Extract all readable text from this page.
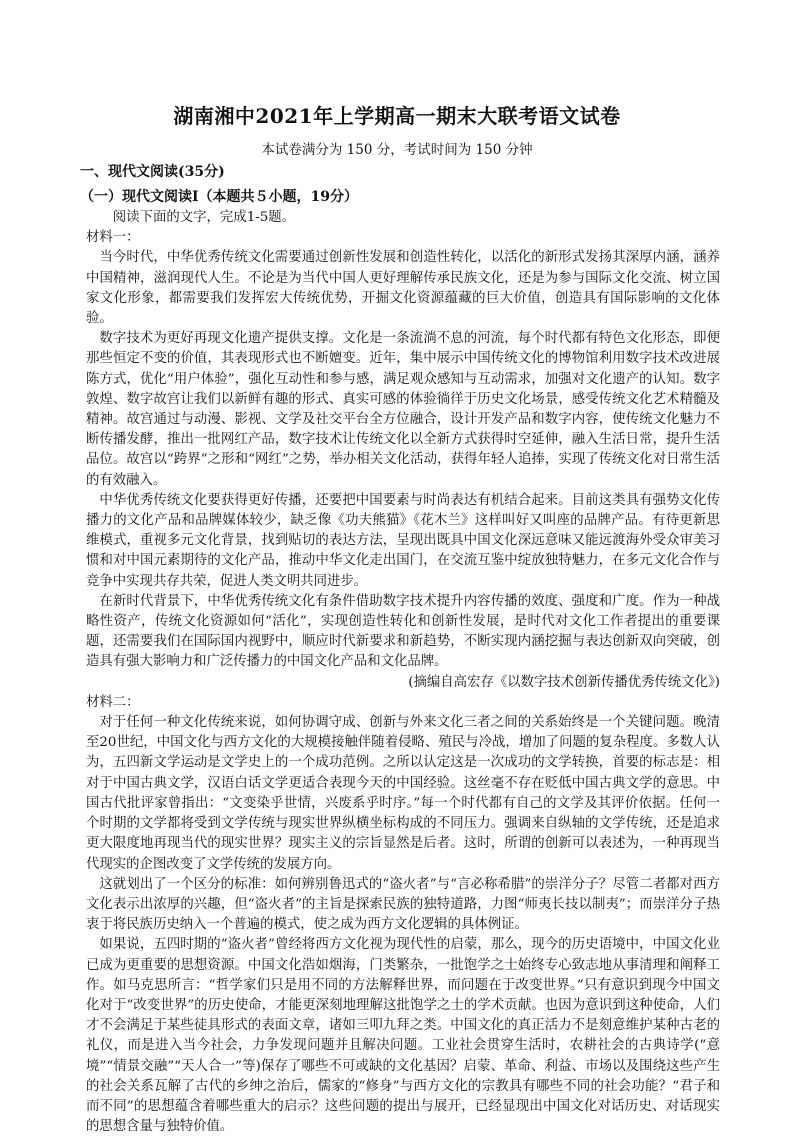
湖南湘中2021年上学期高一期末大联考语文试卷
本试卷满分为 150 分，考试时间为 150 分钟
一、现代文阅读(35分)
（一）现代文阅读Ⅰ（本题共５小题，19分）

阅读下面的文字，完成1-5题。

材料一：

当今时代，中华优秀传统文化需要通过创新性发展和创造性转化，以活化的新形式发扬其深厚内涵，涵养中国精神，滋润现代人生。不论是为当代中国人更好理解传承民族文化，还是为参与国际文化交流、树立国家文化形象，都需要我们发挥宏大传统优势，开掘文化资源蕴藏的巨大价值，创造具有国际影响的文化体验。

数字技术为更好再现文化遗产提供支撑。文化是一条流淌不息的河流，每个时代都有特色文化形态，即便那些恒定不变的价值，其表现形式也不断嬗变。近年，集中展示中国传统文化的博物馆利用数字技术改进展陈方式，优化“用户体验”，强化互动性和参与感，满足观众感知与互动需求，加强对文化遗产的认知。数字敦煌、数字故宫让我们以新鲜有趣的形式、真实可感的体验徜徉于历史文化场景，感受传统文化艺术精髓及精神。故宫通过与动漫、影视、文学及社交平台全方位融合，设计开发产品和数字内容，使传统文化魅力不断传播发酵，推出一批网红产品，数字技术让传统文化以全新方式获得时空延伸，融入生活日常，提升生活品位。故宫以“跨界”之形和“网红”之势，举办相关文化活动，获得年轻人追捧，实现了传统文化对日常生活的有效融入。

中华优秀传统文化要获得更好传播，还要把中国要素与时尚表达有机结合起来。目前这类具有强势文化传播力的文化产品和品牌媒体较少，缺乏像《功夫熊猫》《花木兰》这样叫好又叫座的品牌产品。有待更新思维模式，重视多元文化背景，找到贴切的表达方法，呈现出既具中国文化深远意味又能远渡海外受众审美习惯和对中国元素期待的文化产品，推动中华文化走出国门，在交流互鉴中绽放独特魅力，在多元文化合作与竞争中实现共存共荣，促进人类文明共同进步。

在新时代背景下，中华优秀传统文化有条件借助数字技术提升内容传播的效度、强度和广度。作为一种战略性资产，传统文化资源如何“活化”，实现创造性转化和创新性发展，是时代对文化工作者提出的重要课题，还需要我们在国际国内视野中，顺应时代新要求和新趋势，不断实现内涵挖掘与表达创新双向突破，创造具有强大影响力和广泛传播力的中国文化产品和文化品牌。

(摘编自高宏存《以数字技术创新传播优秀传统文化》)

材料二：

对于任何一种文化传统来说，如何协调守成、创新与外来文化三者之间的关系始终是一个关键问题。晚清至20世纪，中国文化与西方文化的大规模接触伴随着侵略、殖民与冷战，增加了问题的复杂程度。多数人认为，五四新文学运动是文学史上的一个成功范例。之所以认定这是一次成功的文学转换，首要的标志是：相对于中国古典文学，汉语白话文学更适合表现今天的中国经验。这丝毫不存在贬低中国古典文学的意思。中国古代批评家曾指出：“文变染乎世情，兴废系乎时序。”每一个时代都有自己的文学及其评价依据。任何一个时期的文学都将受到文学传统与现实世界纵横坐标构成的不同压力。强调来自纵轴的文学传统，还是追求更大限度地再现当代的现实世界？现实主义的宗旨显然是后者。这时，所谓的创新可以表述为，一种再现当代现实的企图改变了文学传统的发展方向。

这就划出了一个区分的标准：如何辨别鲁迅式的“盗火者”与“言必称希腊”的崇洋分子？尽管二者都对西方文化表示出浓厚的兴趣，但“盗火者”的主旨是探索民族的独特道路，力图“师夷长技以制夷”；而崇洋分子热衷于将民族历史纳入一个普遍的模式，使之成为西方文化逻辑的具体例证。

如果说，五四时期的“盗火者”曾经将西方文化视为现代性的启蒙，那么，现今的历史语境中，中国文化业已成为更重要的思想资源。中国文化浩如烟海，门类繁杂，一批饱学之士始终专心致志地从事清理和阐释工作。如马克思所言：“哲学家们只是用不同的方法解释世界，而问题在于改变世界。”只有意识到现今中国文化对于“改变世界”的历史使命，才能更深刻地理解这批饱学之士的学术贡献。也因为意识到这种使命，人们才不会满足于某些徒具形式的表面文章，诸如三叩九拜之类。中国文化的真正活力不是刻意维护某种古老的礼仪，而是进入当今社会，力争发现问题并且解决问题。工业社会贯穿生活时，农耕社会的古典诗学(“意境”“情景交融”“天人合一”等)保存了哪些不可或缺的文化基因？启蒙、革命、利益、市场以及围绕这些产生的社会关系瓦解了古代的乡绅之治后，儒家的“修身”与西方文化的宗教具有哪些不同的社会功能？“君子和而不同”的思想蕴含着哪些重大的启示？这些问题的提出与展开，已经显现出中国文化对话历史、对话现实的思想含量与独特价值。
